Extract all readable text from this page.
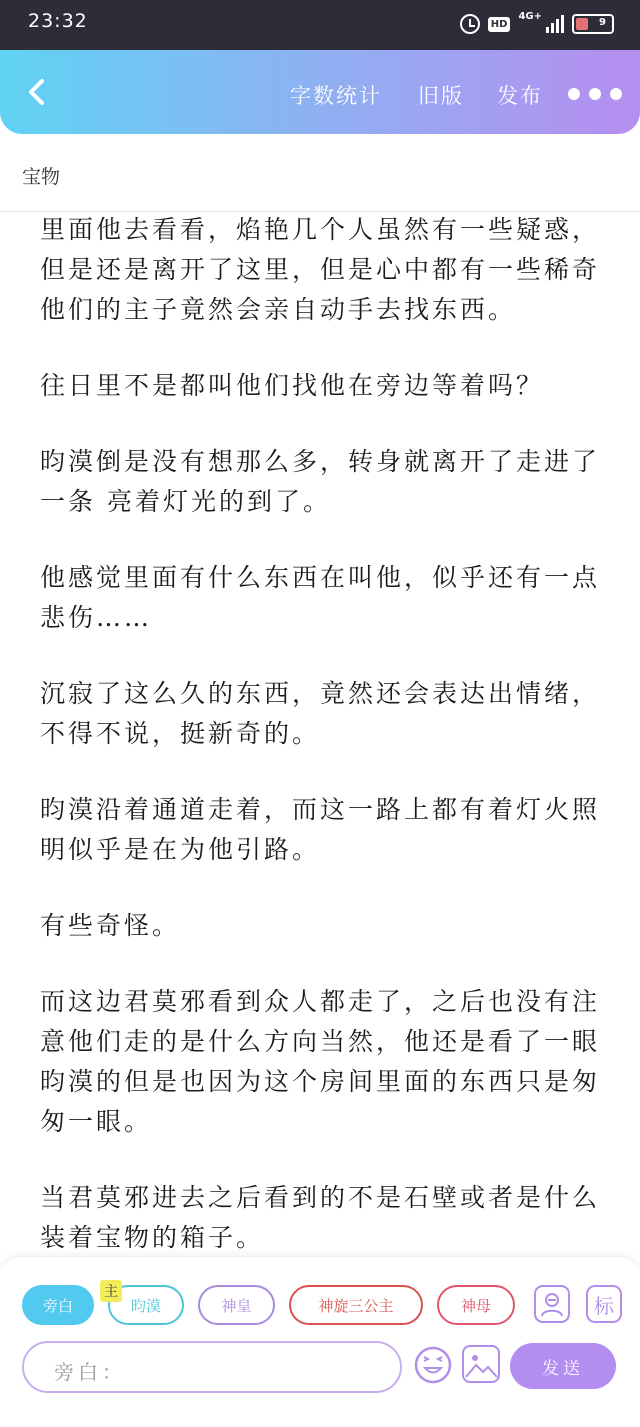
23:32	HD
4G+
9
字数统计 旧版 发布
宝物

里面他去看看，焰艳几个人虽然有一些疑惑，但是还是离开了这里，但是心中都有一些稀奇他们的主子竟然会亲自动手去找东西。

往日里不是都叫他们找他在旁边等着吗？

昀漠倒是没有想那么多，转身就离开了走进了一条 亮着灯光的到了。

他感觉里面有什么东西在叫他，似乎还有一点悲伤……

沉寂了这么久的东西，竟然还会表达出情绪，不得不说，挺新奇的。

昀漠沿着通道走着，而这一路上都有着灯火照明似乎是在为他引路。

有些奇怪。

而这边君莫邪看到众人都走了，之后也没有注意他们走的是什么方向当然，他还是看了一眼昀漠的但是也因为这个房间里面的东西只是匆匆一眼。

当君莫邪进去之后看到的不是石壁或者是什么 装着宝物的箱子。

旁白	昀漠
主
神皇	神旋三公主	神母	标
旁白：	发送
